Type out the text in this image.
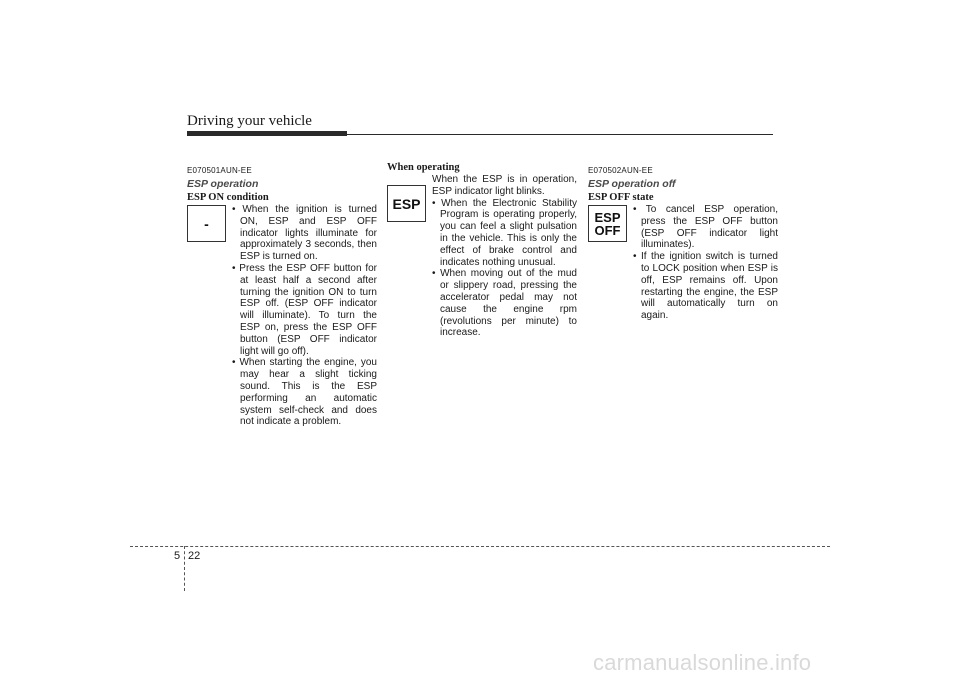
Driving your vehicle
E070501AUN-EE
ESP operation
ESP ON condition
-

• When the ignition is turned ON, ESP and ESP OFF indicator lights illuminate for approximately 3 seconds, then ESP is turned on.

• Press the ESP OFF button for at least half a second after turning the ignition ON to turn ESP off. (ESP OFF indicator will illuminate). To turn the ESP on, press the ESP OFF button (ESP OFF indicator light will go off).

• When starting the engine, you may hear a slight ticking sound. This is the ESP performing an automatic system self-check and does not indicate a problem.

When operating
ESP

When the ESP is in operation, ESP indicator light blinks.

• When the Electronic Stability Program is operating properly, you can feel a slight pulsation in the vehicle. This is only the effect of brake control and indicates nothing unusual.

• When moving out of the mud or slippery road, pressing the accelerator pedal may not cause the engine rpm (revolutions per minute) to increase.

E070502AUN-EE
ESP operation off
ESP OFF state
ESP
OFF

• To cancel ESP operation, press the ESP OFF button (ESP OFF indicator light illuminates).

• If the ignition switch is turned to LOCK position when ESP is off, ESP remains off. Upon restarting the engine, the ESP will automatically turn on again.

5 22
carmanualsonline.info
